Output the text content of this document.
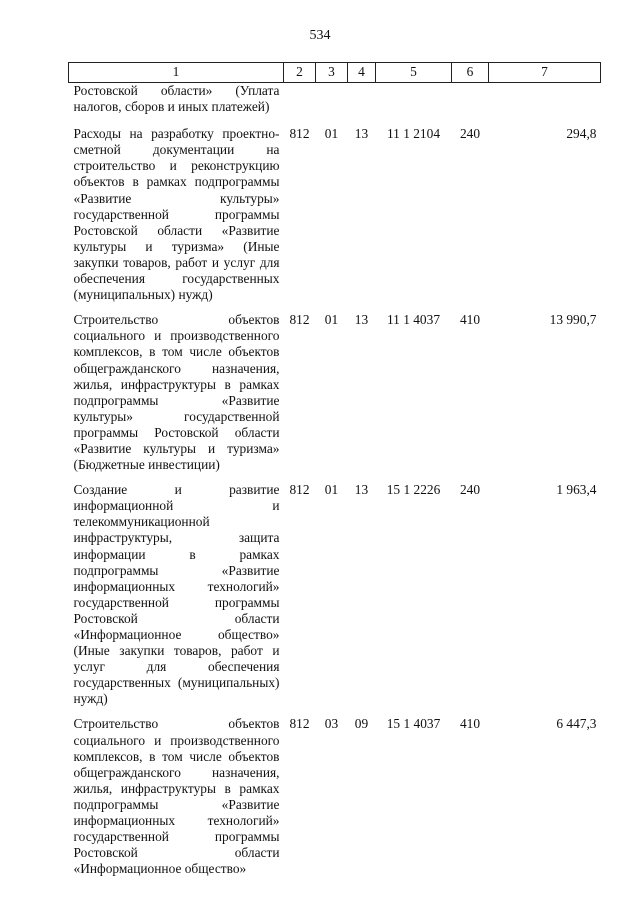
534
1	2	3	4	5	6	7
Ростовской области» (Уплата налогов, сборов и иных платежей)						
Расходы на разработку проектно-сметной документации на строительство и реконструкцию объектов в рамках подпрограммы «Развитие культуры» государственной программы Ростовской области «Развитие культуры и туризма» (Иные закупки товаров, работ и услуг для обеспечения государственных (муниципальных) нужд)	812	01	13	11 1 2104	240	294,8
Строительство объектов социального и производственного комплексов, в том числе объектов общегражданского назначения, жилья, инфраструктуры в рамках подпрограммы «Развитие культуры» государственной программы Ростовской области «Развитие культуры и туризма» (Бюджетные инвестиции)	812	01	13	11 1 4037	410	13 990,7
Создание и развитие информационной и телекоммуникационной инфраструктуры, защита информации в рамках подпрограммы «Развитие информационных технологий» государственной программы Ростовской области «Информационное общество» (Иные закупки товаров, работ и услуг для обеспечения государственных (муниципальных) нужд)	812	01	13	15 1 2226	240	1 963,4
Строительство объектов социального и производственного комплексов, в том числе объектов общегражданского назначения, жилья, инфраструктуры в рамках подпрограммы «Развитие информационных технологий» государственной программы Ростовской области «Информационное общество»	812	03	09	15 1 4037	410	6 447,3
